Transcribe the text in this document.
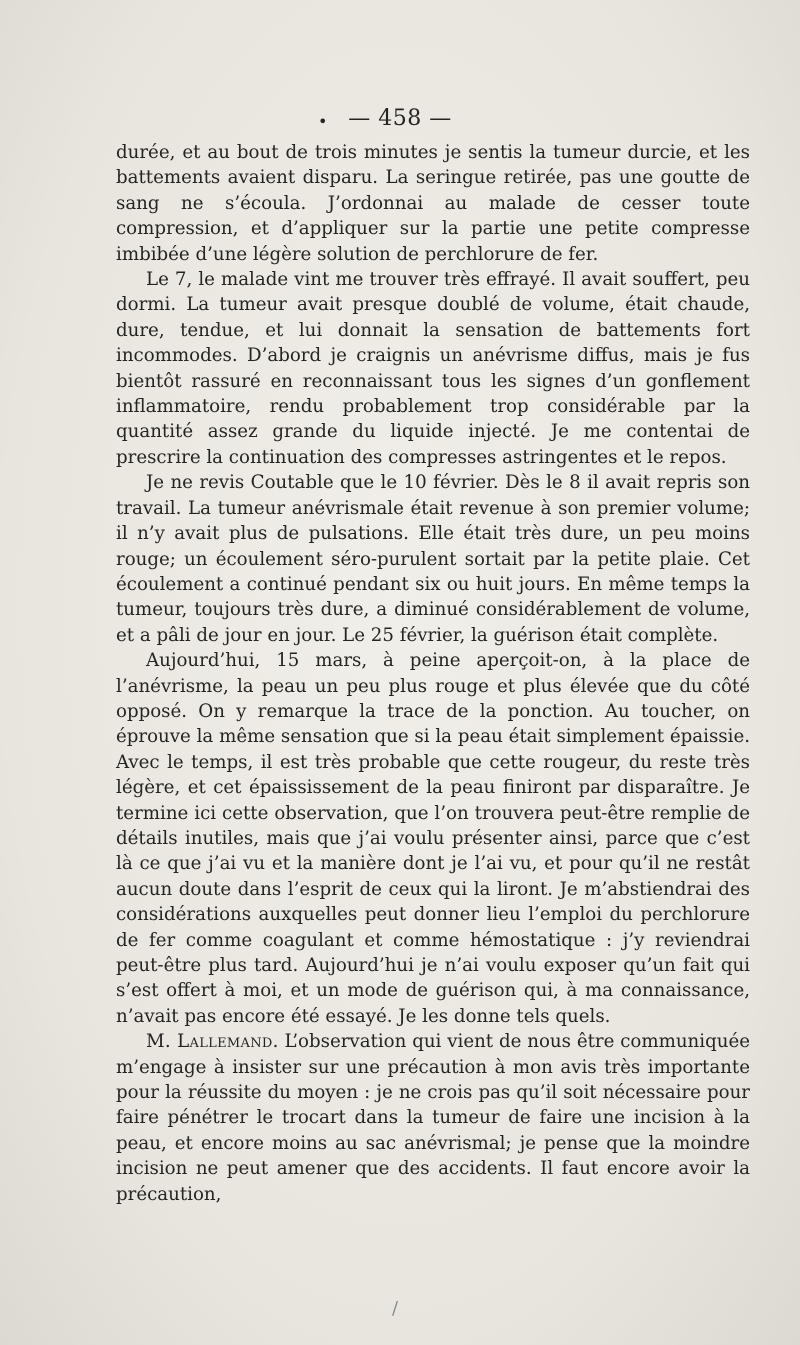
• — 458 —

durée, et au bout de trois minutes je sentis la tumeur durcie, et les battements avaient disparu. La seringue retirée, pas une goutte de sang ne s’écoula. J’ordonnai au malade de cesser toute compression, et d’appliquer sur la partie une petite compresse imbibée d’une légère solution de perchlorure de fer.

Le 7, le malade vint me trouver très effrayé. Il avait souffert, peu dormi. La tumeur avait presque doublé de volume, était chaude, dure, tendue, et lui donnait la sensation de battements fort incommodes. D’abord je craignis un anévrisme diffus, mais je fus bientôt rassuré en reconnaissant tous les signes d’un gonflement inflammatoire, rendu probablement trop considérable par la quantité assez grande du liquide injecté. Je me contentai de prescrire la continuation des compresses astringentes et le repos.

Je ne revis Coutable que le 10 février. Dès le 8 il avait repris son travail. La tumeur anévrismale était revenue à son premier volume; il n’y avait plus de pulsations. Elle était très dure, un peu moins rouge; un écoulement séro-purulent sortait par la petite plaie. Cet écoulement a continué pendant six ou huit jours. En même temps la tumeur, toujours très dure, a diminué considérablement de volume, et a pâli de jour en jour. Le 25 février, la guérison était complète.

Aujourd’hui, 15 mars, à peine aperçoit-on, à la place de l’anévrisme, la peau un peu plus rouge et plus élevée que du côté opposé. On y remarque la trace de la ponction. Au toucher, on éprouve la même sensation que si la peau était simplement épaissie. Avec le temps, il est très probable que cette rougeur, du reste très légère, et cet épaississement de la peau finiront par disparaître. Je termine ici cette observation, que l’on trouvera peut-être remplie de détails inutiles, mais que j’ai voulu présenter ainsi, parce que c’est là ce que j’ai vu et la manière dont je l’ai vu, et pour qu’il ne restât aucun doute dans l’esprit de ceux qui la liront. Je m’abstiendrai des considérations auxquelles peut donner lieu l’emploi du perchlorure de fer comme coagulant et comme hémostatique : j’y reviendrai peut-être plus tard. Aujourd’hui je n’ai voulu exposer qu’un fait qui s’est offert à moi, et un mode de guérison qui, à ma connaissance, n’avait pas encore été essayé. Je les donne tels quels.

M. Lallemand. L’observation qui vient de nous être communiquée m’engage à insister sur une précaution à mon avis très importante pour la réussite du moyen : je ne crois pas qu’il soit nécessaire pour faire pénétrer le trocart dans la tumeur de faire une incision à la peau, et encore moins au sac anévrismal; je pense que la moindre incision ne peut amener que des accidents. Il faut encore avoir la précaution,

/
